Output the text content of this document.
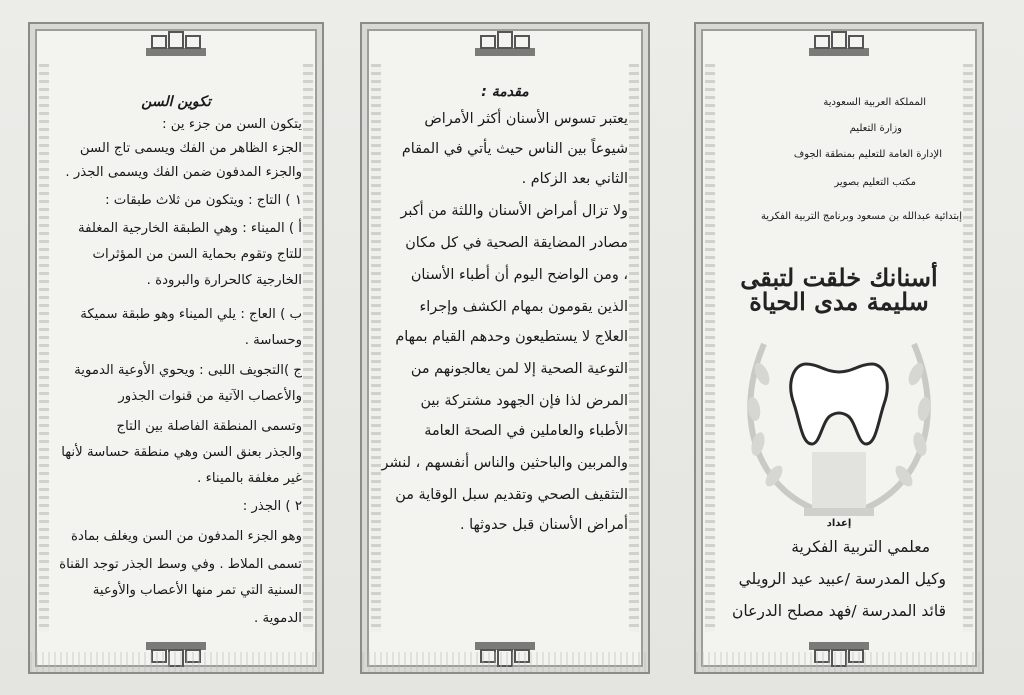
تكوين السن
يتكون السن من جزء ين :
الجزء الظاهر من الفك ويسمى تاج السن
والجزء المدفون ضمن الفك ويسمى الجذر .
١ ) التاج : ويتكون من ثلاث طبقات :
أ ) الميناء : وهي الطبقة الخارجية المغلفة
للتاج وتقوم بحماية السن من المؤثرات
الخارجية كالحرارة والبرودة .
ب ) العاج : يلي الميناء وهو طبقة سميكة
وحساسة .
ج )التجويف اللبى : ويحوي الأوعية الدموية
والأعصاب الآتية من قنوات الجذور
وتسمى المنطقة الفاصلة بين التاج
والجذر بعنق السن وهي منطقة حساسة لأنها
غير مغلفة بالميناء .
٢ ) الجذر :
وهو الجزء المدفون من السن ويغلف بمادة
تسمى الملاط . وفي وسط الجذر توجد القناة
السنية التي تمر منها الأعصاب والأوعية
الدموية .
مقدمة :
يعتبر تسوس الأسنان أكثر الأمراض
شيوعاً بين الناس حيث يأتي في المقام
الثاني بعد الزكام .
ولا تزال أمراض الأسنان واللثة من أكبر
مصادر المضايقة الصحية في كل مكان
، ومن الواضح اليوم أن أطباء الأسنان
الذين يقومون بمهام الكشف وإجراء
العلاج لا يستطيعون وحدهم القيام بمهام
التوعية الصحية إلا لمن يعالجونهم من
المرض لذا فإن الجهود مشتركة بين
الأطباء والعاملين في الصحة العامة
والمربين والباحثين والناس أنفسهم ، لنشر
التثقيف الصحي وتقديم سبل الوقاية من
أمراض الأسنان قبل حدوثها .
المملكة العربية السعودية
وزارة التعليم
الإدارة العامة للتعليم بمنطقة الجوف
مكتب التعليم بصوير
إبتدائية عبدالله بن مسعود وبرنامج التربية الفكرية
أسنانك خلقت لتبقى سليمة مدى الحياة
إعداد
معلمي التربية الفكرية
وكيل المدرسة /عبيد عيد الرويلي
قائد المدرسة /فهد مصلح الدرعان
